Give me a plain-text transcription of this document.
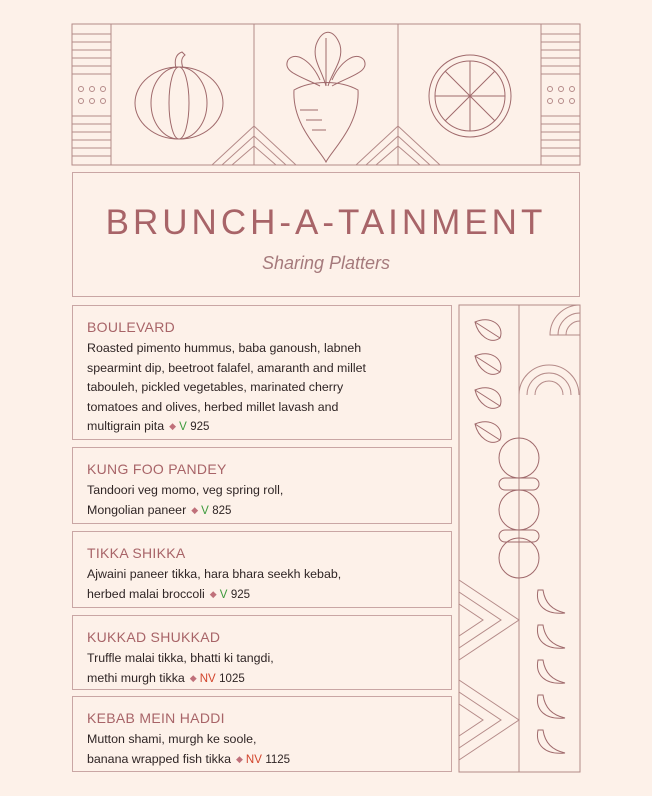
BRUNCH-A-TAINMENT
Sharing Platters
BOULEVARD
Roasted pimento hummus, baba ganoush, labneh
spearmint dip, beetroot falafel, amaranth and millet
tabouleh, pickled vegetables, marinated cherry
tomatoes and olives, herbed millet lavash and
multigrain pita ◆ V 925
KUNG FOO PANDEY
Tandoori veg momo, veg spring roll,
Mongolian paneer ◆ V 825
TIKKA SHIKKA
Ajwaini paneer tikka, hara bhara seekh kebab,
herbed malai broccoli ◆ V 925
KUKKAD SHUKKAD
Truffle malai tikka, bhatti ki tangdi,
methi murgh tikka ◆ NV 1025
KEBAB MEIN HADDI
Mutton shami, murgh ke soole,
banana wrapped fish tikka ◆ NV 1125
